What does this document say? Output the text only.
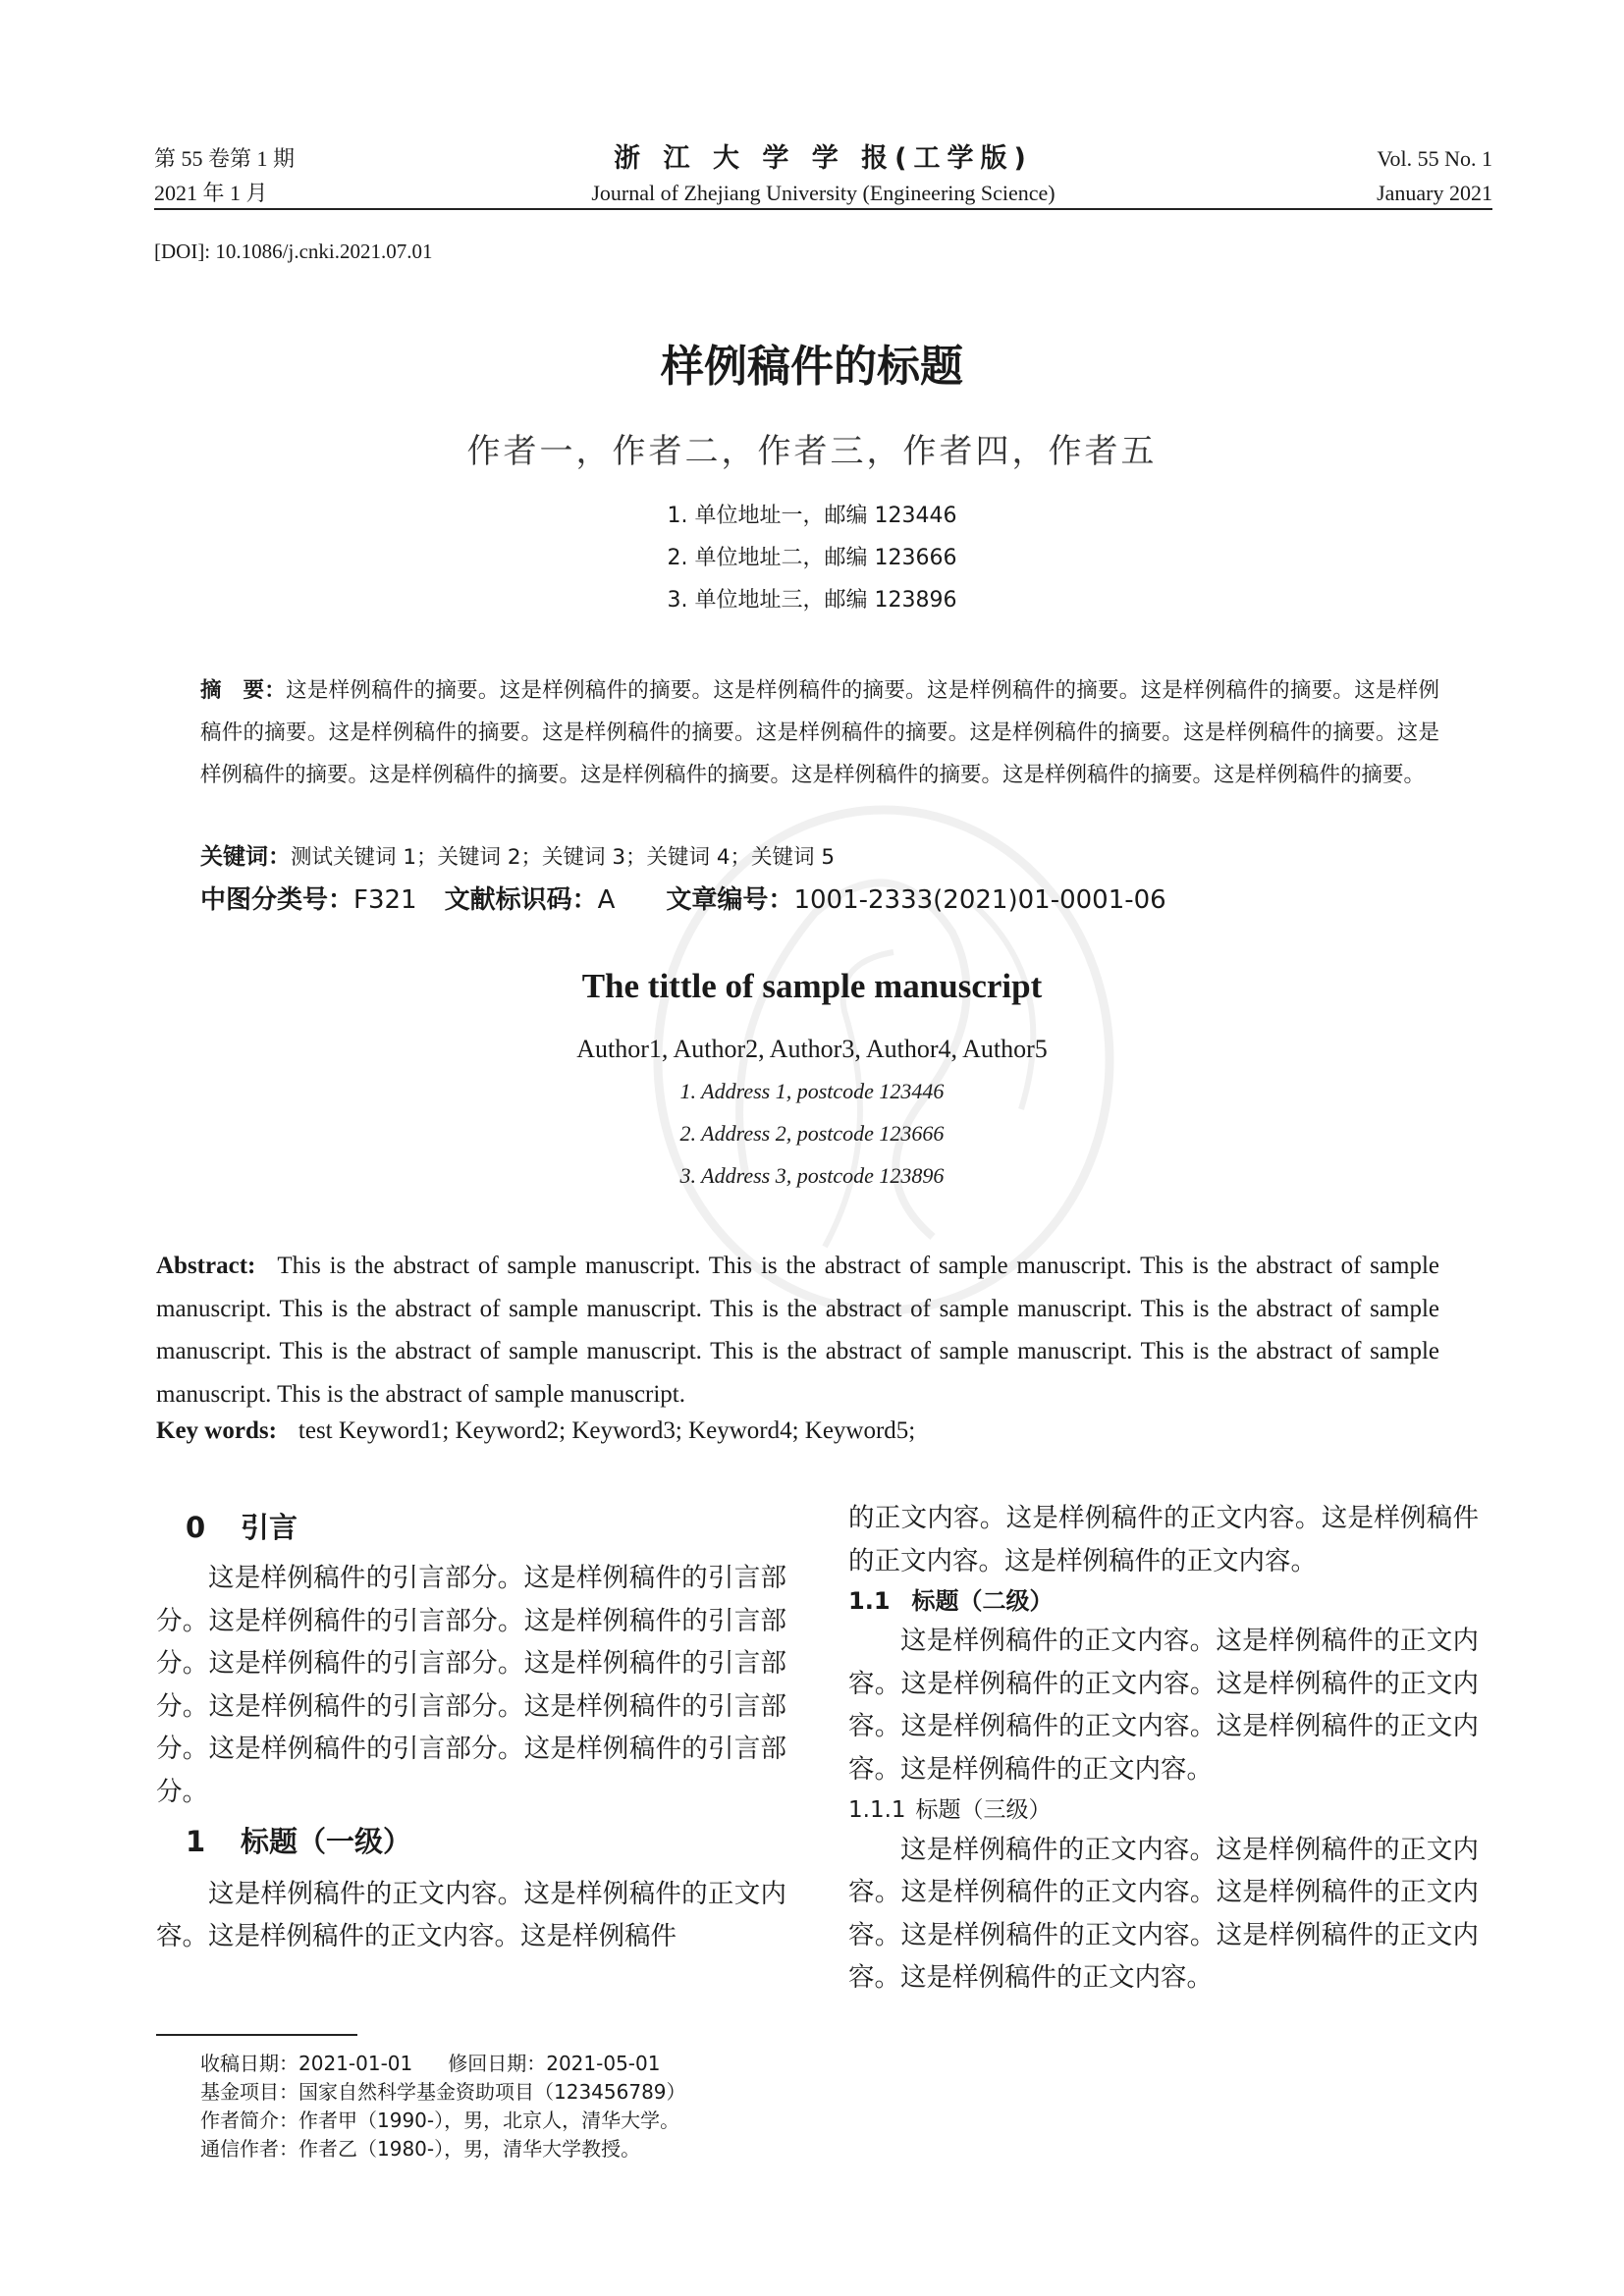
第 55 卷第 1 期
2021 年 1 月
浙 江 大 学 学 报(工学版)
Journal of Zhejiang University (Engineering Science)
Vol. 55 No. 1
January 2021
[DOI]: 10.1086/j.cnki.2021.07.01
样例稿件的标题
作者一，作者二，作者三，作者四，作者五
1. 单位地址一，邮编 123446
2. 单位地址二，邮编 123666
3. 单位地址三，邮编 123896
摘　要：这是样例稿件的摘要。这是样例稿件的摘要。这是样例稿件的摘要。这是样例稿件的摘要。这是样例稿件的摘要。这是样例稿件的摘要。这是样例稿件的摘要。这是样例稿件的摘要。这是样例稿件的摘要。这是样例稿件的摘要。这是样例稿件的摘要。这是样例稿件的摘要。这是样例稿件的摘要。这是样例稿件的摘要。这是样例稿件的摘要。这是样例稿件的摘要。这是样例稿件的摘要。
关键词：测试关键词 1；关键词 2；关键词 3；关键词 4；关键词 5
中图分类号：F321 文献标识码：A 文章编号：1001-2333(2021)01-0001-06
The tittle of sample manuscript
Author1, Author2, Author3, Author4, Author5
1. Address 1, postcode 123446
2. Address 2, postcode 123666
3. Address 3, postcode 123896
Abstract: This is the abstract of sample manuscript. This is the abstract of sample manuscript. This is the abstract of sample manuscript. This is the abstract of sample manuscript. This is the abstract of sample manuscript. This is the abstract of sample manuscript. This is the abstract of sample manuscript. This is the abstract of sample manuscript. This is the abstract of sample manuscript. This is the abstract of sample manuscript.
Key words: test Keyword1; Keyword2; Keyword3; Keyword4; Keyword5;
0 引言
这是样例稿件的引言部分。这是样例稿件的引言部分。这是样例稿件的引言部分。这是样例稿件的引言部分。这是样例稿件的引言部分。这是样例稿件的引言部分。这是样例稿件的引言部分。这是样例稿件的引言部分。这是样例稿件的引言部分。这是样例稿件的引言部分。
1 标题（一级）
这是样例稿件的正文内容。这是样例稿件的正文内容。这是样例稿件的正文内容。这是样例稿件
的正文内容。这是样例稿件的正文内容。这是样例稿件的正文内容。这是样例稿件的正文内容。
1.1 标题（二级）
这是样例稿件的正文内容。这是样例稿件的正文内容。这是样例稿件的正文内容。这是样例稿件的正文内容。这是样例稿件的正文内容。这是样例稿件的正文内容。这是样例稿件的正文内容。
1.1.1 标题（三级）
这是样例稿件的正文内容。这是样例稿件的正文内容。这是样例稿件的正文内容。这是样例稿件的正文内容。这是样例稿件的正文内容。这是样例稿件的正文内容。这是样例稿件的正文内容。
收稿日期：2021-01-01 修回日期：2021-05-01
基金项目：国家自然科学基金资助项目（123456789）
作者简介：作者甲（1990-），男，北京人，清华大学。
通信作者：作者乙（1980-），男，清华大学教授。
